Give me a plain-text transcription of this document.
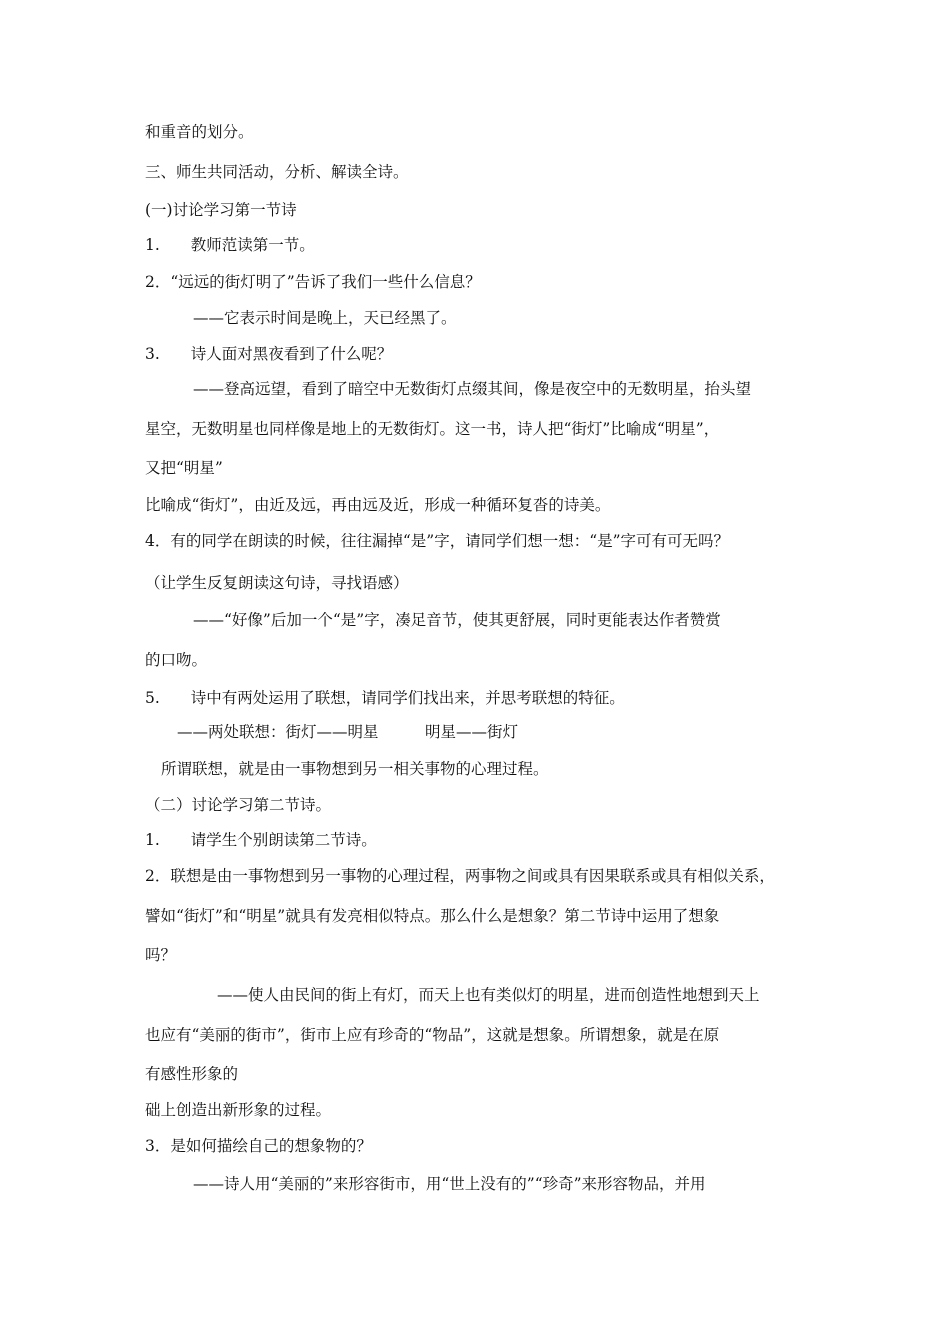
和重音的划分。
三、师生共同活动，分析、解读全诗。
(一)讨论学习第一节诗
1.　　教师范读第一节。
2．“远远的街灯明了”告诉了我们一些什么信息？
——它表示时间是晚上，天已经黑了。
3.　　诗人面对黑夜看到了什么呢？
——登高远望，看到了暗空中无数街灯点缀其间，像是夜空中的无数明星，抬头望
星空，无数明星也同样像是地上的无数街灯。这一书，诗人把“街灯”比喻成“明星”，
又把“明星”
比喻成“街灯”，由近及远，再由远及近，形成一种循环复沓的诗美。
4．有的同学在朗读的时候，往往漏掉“是”字，请同学们想一想：“是”字可有可无吗？
（让学生反复朗读这句诗，寻找语感）
——“好像”后加一个“是”字，凑足音节，使其更舒展，同时更能表达作者赞赏
的口吻。
5.　　诗中有两处运用了联想，请同学们找出来，并思考联想的特征。
——两处联想：街灯——明星　　　明星——街灯
所谓联想，就是由一事物想到另一相关事物的心理过程。
（二）讨论学习第二节诗。
1.　　请学生个别朗读第二节诗。
2．联想是由一事物想到另一事物的心理过程，两事物之间或具有因果联系或具有相似关系，
譬如“街灯”和“明星”就具有发亮相似特点。那么什么是想象？第二节诗中运用了想象
吗？
——使人由民间的街上有灯，而天上也有类似灯的明星，进而创造性地想到天上
也应有“美丽的街市”，街市上应有珍奇的“物品”，这就是想象。所谓想象，就是在原
有感性形象的
础上创造出新形象的过程。
3．是如何描绘自己的想象物的？
——诗人用“美丽的”来形容街市，用“世上没有的”“珍奇”来形容物品，并用
